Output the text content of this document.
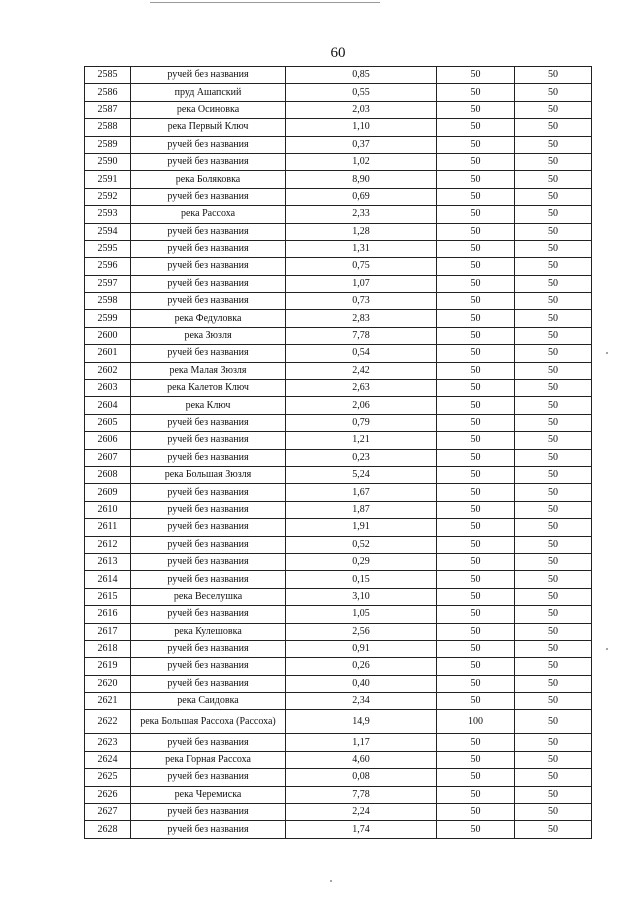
60
2585	ручей без названия	0,85	50	50
2586	пруд Ашапский	0,55	50	50
2587	река Осиновка	2,03	50	50
2588	река Первый Ключ	1,10	50	50
2589	ручей без названия	0,37	50	50
2590	ручей без названия	1,02	50	50
2591	река Боляковка	8,90	50	50
2592	ручей без названия	0,69	50	50
2593	река Рассоха	2,33	50	50
2594	ручей без названия	1,28	50	50
2595	ручей без названия	1,31	50	50
2596	ручей без названия	0,75	50	50
2597	ручей без названия	1,07	50	50
2598	ручей без названия	0,73	50	50
2599	река Федуловка	2,83	50	50
2600	река Зюзля	7,78	50	50
2601	ручей без названия	0,54	50	50
2602	река Малая Зюзля	2,42	50	50
2603	река Калетов Ключ	2,63	50	50
2604	река Ключ	2,06	50	50
2605	ручей без названия	0,79	50	50
2606	ручей без названия	1,21	50	50
2607	ручей без названия	0,23	50	50
2608	река Большая Зюзля	5,24	50	50
2609	ручей без названия	1,67	50	50
2610	ручей без названия	1,87	50	50
2611	ручей без названия	1,91	50	50
2612	ручей без названия	0,52	50	50
2613	ручей без названия	0,29	50	50
2614	ручей без названия	0,15	50	50
2615	река Веселушка	3,10	50	50
2616	ручей без названия	1,05	50	50
2617	река Кулешовка	2,56	50	50
2618	ручей без названия	0,91	50	50
2619	ручей без названия	0,26	50	50
2620	ручей без названия	0,40	50	50
2621	река Саидовка	2,34	50	50
2622	река Большая Рассоха (Рассоха)	14,9	100	50
2623	ручей без названия	1,17	50	50
2624	река Горная Рассоха	4,60	50	50
2625	ручей без названия	0,08	50	50
2626	река Черемиска	7,78	50	50
2627	ручей без названия	2,24	50	50
2628	ручей без названия	1,74	50	50
